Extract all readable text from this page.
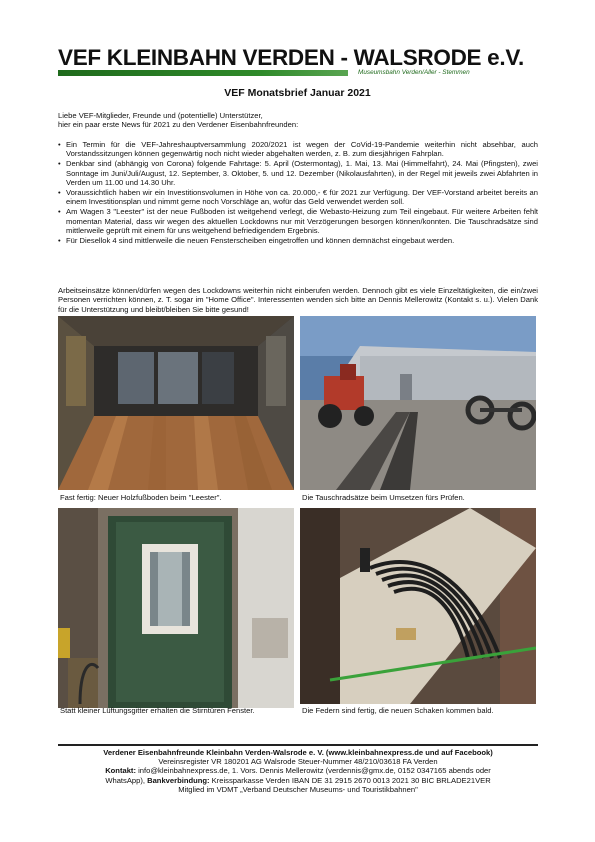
VEF KLEINBAHN VERDEN - WALSRODE e.V.
Museumsbahn Verden/Aller - Stemmen
VEF Monatsbrief Januar 2021
Liebe VEF-Mitglieder, Freunde und (potentielle) Unterstützer,
hier ein paar erste News für 2021 zu den Verdener Eisenbahnfreunden:
• Ein Termin für die VEF-Jahreshauptversammlung 2020/2021 ist wegen der CoVid-19-Pandemie weiterhin nicht absehbar, auch Vorstandssitzungen können gegenwärtig noch nicht wieder abgehalten werden, z. B. zum diesjährigen Fahrplan.
• Denkbar sind (abhängig von Corona) folgende Fahrtage: 5. April (Ostermontag), 1. Mai, 13. Mai (Himmelfahrt), 24. Mai (Pfingsten), zwei Sonntage im Juni/Juli/August, 12. September, 3. Oktober, 5. und 12. Dezember (Nikolausfahrten), in der Regel mit jeweils zwei Abfahrten in Verden um 11.00 und 14.30 Uhr.
• Voraussichtlich haben wir ein Investitionsvolumen in Höhe von ca. 20.000,- € für 2021 zur Verfügung. Der VEF-Vorstand arbeitet bereits an einem Investitionsplan und nimmt gerne noch Vorschläge an, wofür das Geld verwendet werden soll.
• Am Wagen 3 "Leester" ist der neue Fußboden ist weitgehend verlegt, die Webasto-Heizung zum Teil eingebaut. Für weitere Arbeiten fehlt momentan Material, dass wir wegen des aktuellen Lockdowns nur mit Verzögerungen besorgen können/konnten. Die Tauschradsätze sind mittlerweile geprüft mit einem für uns weitgehend befriedigendem Ergebnis.
• Für Diesellok 4 sind mittlerweile die neuen Fensterscheiben eingetroffen und können demnächst eingebaut werden.
Arbeitseinsätze können/dürfen wegen des Lockdowns weiterhin nicht einberufen werden. Dennoch gibt es viele Einzeltätigkeiten, die ein/zwei Personen verrichten können, z. T. sogar im "Home Office". Interessenten wenden sich bitte an Dennis Mellerowitz (Kontakt s. u.). Vielen Dank für die Unterstützung und bleibt/bleiben Sie bitte gesund!
Fast fertig: Neuer Holzfußboden beim "Leester".	Die Tauschradsätze beim Umsetzen fürs Prüfen.
Statt kleiner Lüftungsgitter erhalten die Stirntüren Fenster.	Die Federn sind fertig, die neuen Schaken kommen bald.
Verdener Eisenbahnfreunde Kleinbahn Verden-Walsrode e. V. (www.kleinbahnexpress.de und auf Facebook)
Vereinsregister VR 180201 AG Walsrode Steuer-Nummer 48/210/03618 FA Verden
Kontakt: info@kleinbahnexpress.de, 1. Vors. Dennis Mellerowitz (verdennis@gmx.de, 0152 0347165 abends oder
WhatsApp), Bankverbindung: Kreissparkasse Verden IBAN DE 31 2915 2670 0013 2021 30 BIC BRLADE21VER
Mitglied im VDMT „Verband Deutscher Museums- und Touristikbahnen"
